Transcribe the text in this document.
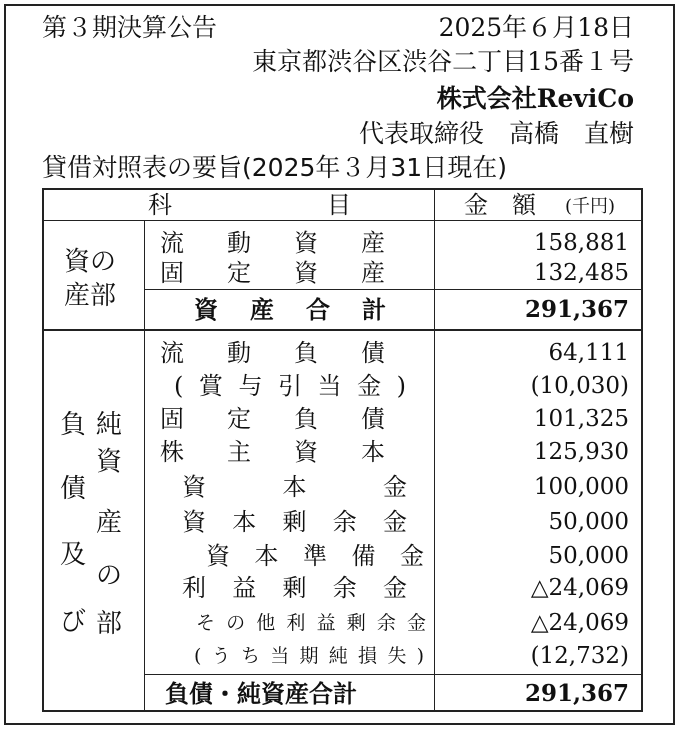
第３期決算公告	2025年６月18日
東京都渋谷区渋谷二丁目15番１号
株式会社ReviCo
代表取締役　高橋　直樹
貸借対照表の要旨(2025年３月31日現在)
科	目	金　額 (千円)
資の
産部
流動資産	158,881
固定資産	132,485
資産合計	291,367
負
債
及
び
純
資
産
の
部
流動負債	64,111
(賞与引当金)	(10,030)
固定負債	101,325
株主資本	125,930
資本金	100,000
資本剰余金	50,000
資本準備金	50,000
利益剰余金	△24,069
その他利益剰余金	△24,069
(うち当期純損失)	(12,732)
負債・純資産合計	291,367
